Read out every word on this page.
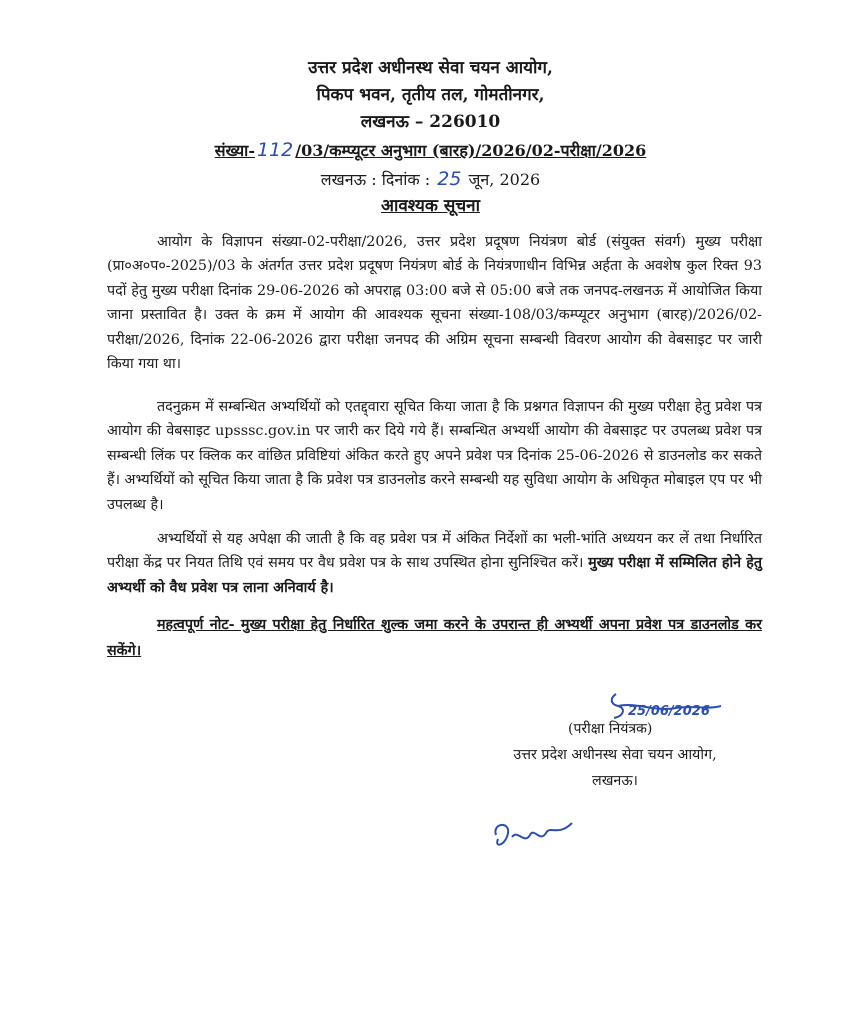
उत्तर प्रदेश अधीनस्थ सेवा चयन आयोग,
पिकप भवन, तृतीय तल, गोमतीनगर,
लखनऊ – 226010
संख्या- 112 /03/कम्प्यूटर अनुभाग (बारह)/2026/02-परीक्षा/2026
लखनऊ : दिनांक : 25 जून, 2026
आवश्यक सूचना

आयोग के विज्ञापन संख्या-02-परीक्षा/2026, उत्तर प्रदेश प्रदूषण नियंत्रण बोर्ड (संयुक्त संवर्ग) मुख्य परीक्षा (प्रा०अ०प०-2025)/03 के अंतर्गत उत्तर प्रदेश प्रदूषण नियंत्रण बोर्ड के नियंत्रणाधीन विभिन्न अर्हता के अवशेष कुल रिक्त 93 पदों हेतु मुख्य परीक्षा दिनांक 29-06-2026 को अपराह्न 03:00 बजे से 05:00 बजे तक जनपद-लखनऊ में आयोजित किया जाना प्रस्तावित है। उक्त के क्रम में आयोग की आवश्यक सूचना संख्या-108/03/कम्प्यूटर अनुभाग (बारह)/2026/02-परीक्षा/2026, दिनांक 22-06-2026 द्वारा परीक्षा जनपद की अग्रिम सूचना सम्बन्धी विवरण आयोग की वेबसाइट पर जारी किया गया था।

तदनुक्रम में सम्बन्धित अभ्यर्थियों को एतद्द्वारा सूचित किया जाता है कि प्रश्नगत विज्ञापन की मुख्य परीक्षा हेतु प्रवेश पत्र आयोग की वेबसाइट upsssc.gov.in पर जारी कर दिये गये हैं। सम्बन्धित अभ्यर्थी आयोग की वेबसाइट पर उपलब्ध प्रवेश पत्र सम्बन्धी लिंक पर क्लिक कर वांछित प्रविष्टियां अंकित करते हुए अपने प्रवेश पत्र दिनांक 25-06-2026 से डाउनलोड कर सकते हैं। अभ्यर्थियों को सूचित किया जाता है कि प्रवेश पत्र डाउनलोड करने सम्बन्धी यह सुविधा आयोग के अधिकृत मोबाइल एप पर भी उपलब्ध है।

अभ्यर्थियों से यह अपेक्षा की जाती है कि वह प्रवेश पत्र में अंकित निर्देशों का भली-भांति अध्ययन कर लें तथा निर्धारित परीक्षा केंद्र पर नियत तिथि एवं समय पर वैध प्रवेश पत्र के साथ उपस्थित होना सुनिश्चित करें। मुख्य परीक्षा में सम्मिलित होने हेतु अभ्यर्थी को वैध प्रवेश पत्र लाना अनिवार्य है।

महत्वपूर्ण नोट- मुख्य परीक्षा हेतु निर्धारित शुल्क जमा करने के उपरान्त ही अभ्यर्थी अपना प्रवेश पत्र डाउनलोड कर सकेंगे।

25/06/2026
(परीक्षा नियंत्रक)
उत्तर प्रदेश अधीनस्थ सेवा चयन आयोग,
लखनऊ।
